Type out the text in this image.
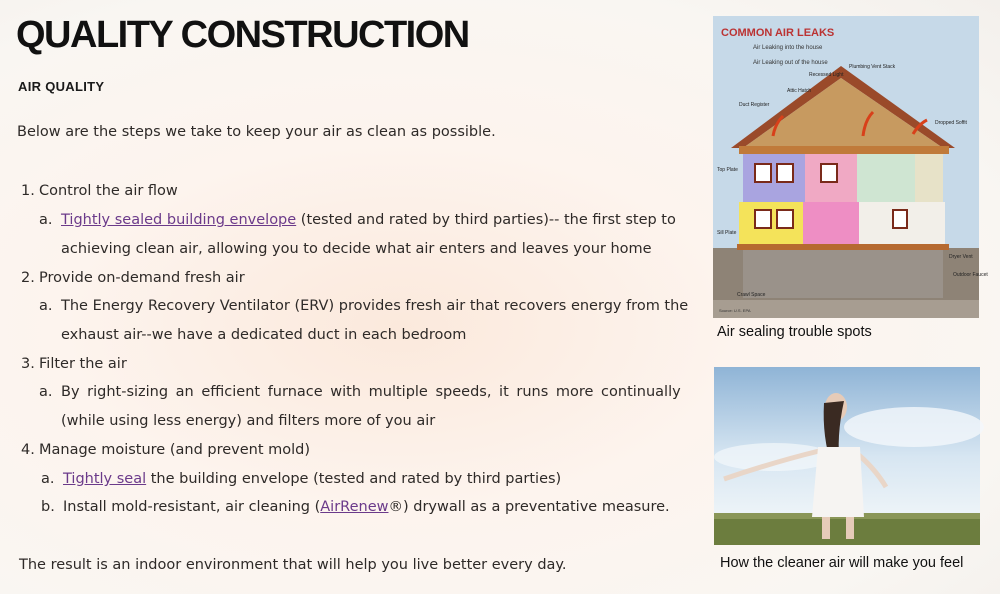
QUALITY CONSTRUCTION
AIR QUALITY
Below are the steps we take to keep your air as clean as possible.
1. Control the air flow
a. Tightly sealed building envelope (tested and rated by third parties)-- the first step to
achieving clean air, allowing you to decide what air enters and leaves your home
2. Provide on-demand fresh air
a. The Energy Recovery Ventilator (ERV) provides fresh air that recovers energy from the
exhaust air--we have a dedicated duct in each bedroom
3. Filter the air
a. By right-sizing an efficient furnace with multiple speeds, it runs more continually
(while using less energy) and filters more of you air
4. Manage moisture (and prevent mold)
a. Tightly seal the building envelope (tested and rated by third parties)
b. Install mold-resistant, air cleaning (AirRenew®) drywall as a preventative measure.
The result is an indoor environment that will help you live better every day.
COMMON AIR LEAKS
Air Leaking into the house
Air Leaking out of the house
Plumbing Vent Stack
Recessed Light
Attic Hatch
Duct Register
Dropped Soffit
Top Plate
Sill Plate
Dryer Vent
Outdoor Faucet
Crawl Space
Source: U.S. EPA
Air sealing trouble spots
How the cleaner air will make you feel
